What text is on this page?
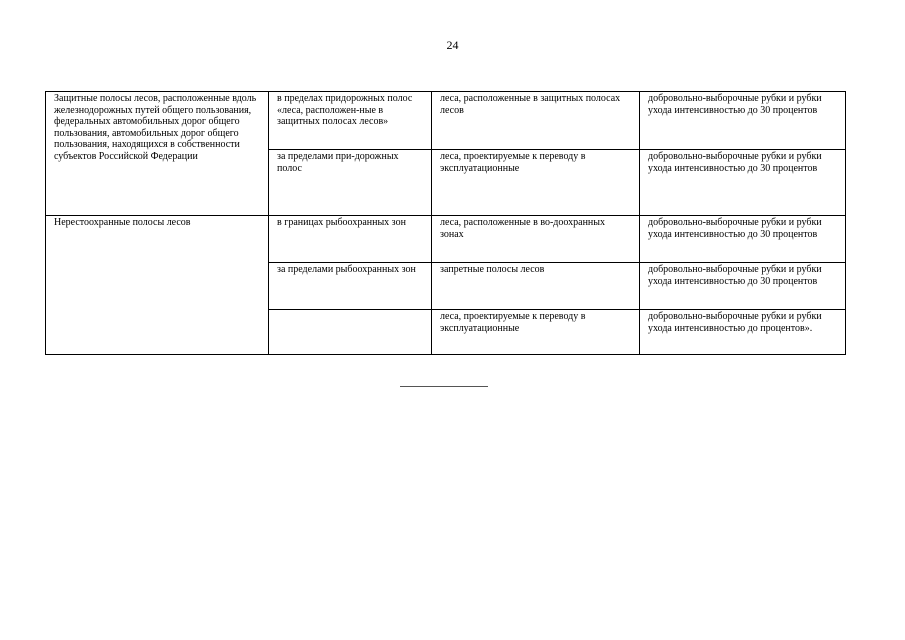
24
Защитные полосы лесов, расположенные вдоль железнодорожных путей общего пользования, федеральных автомобильных дорог общего пользования, автомобильных дорог общего пользования, находящихся в собственности субъектов Российской Федерации	в пределах придорожных полос «леса, расположен-ные в защитных полосах лесов»	леса, расположенные в защитных полосах лесов	добровольно-выборочные рубки и рубки ухода интенсивностью до 30 процентов
	за пределами при-дорожных полос	леса, проектируемые к переводу в эксплуатационные	добровольно-выборочные рубки и рубки ухода интенсивностью до 30 процентов
Нерестоохранные полосы лесов	в границах рыбоохранных зон	леса, расположенные в во-доохранных зонах	добровольно-выборочные рубки и рубки ухода интенсивностью до 30 процентов
	за пределами рыбоохранных зон	запретные полосы лесов	добровольно-выборочные рубки и рубки ухода интенсивностью до 30 процентов
		леса, проектируемые к переводу в эксплуатационные	добровольно-выборочные рубки и рубки ухода интенсивностью до процентов».
